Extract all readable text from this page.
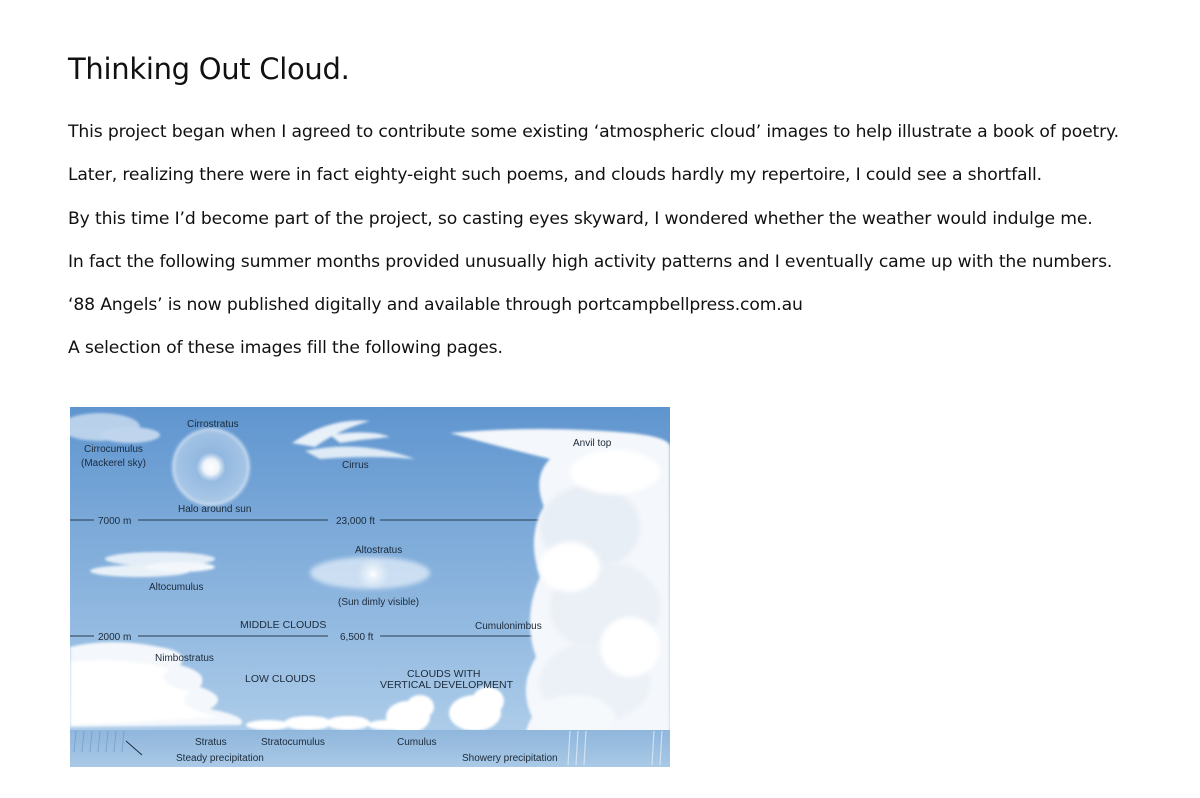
Thinking Out Cloud.

This project began when I agreed to contribute some existing ‘atmospheric cloud’ images to help illustrate a book of poetry.

Later, realizing there were in fact eighty-eight such poems, and clouds hardly my repertoire, I could see a shortfall.

By this time I’d become part of the project, so casting eyes skyward, I wondered whether the weather would indulge me.

In fact the following summer months provided unusually high activity patterns and I eventually came up with the numbers.

‘88 Angels’ is now published digitally and available through portcampbellpress.com.au

A selection of these images fill the following pages.

Cirrostratus
Cirrocumulus
(Mackerel sky)	Cirrus
Anvil top
Halo around sun
7000 m	23,000 ft
Altostratus
Altocumulus
(Sun dimly visible)
MIDDLE CLOUDS	Cumulonimbus
2000 m	6,500 ft
Nimbostratus
LOW CLOUDS	CLOUDS WITH
VERTICAL DEVELOPMENT
Stratus	Stratocumulus	Cumulus
Steady precipitation	Showery precipitation
